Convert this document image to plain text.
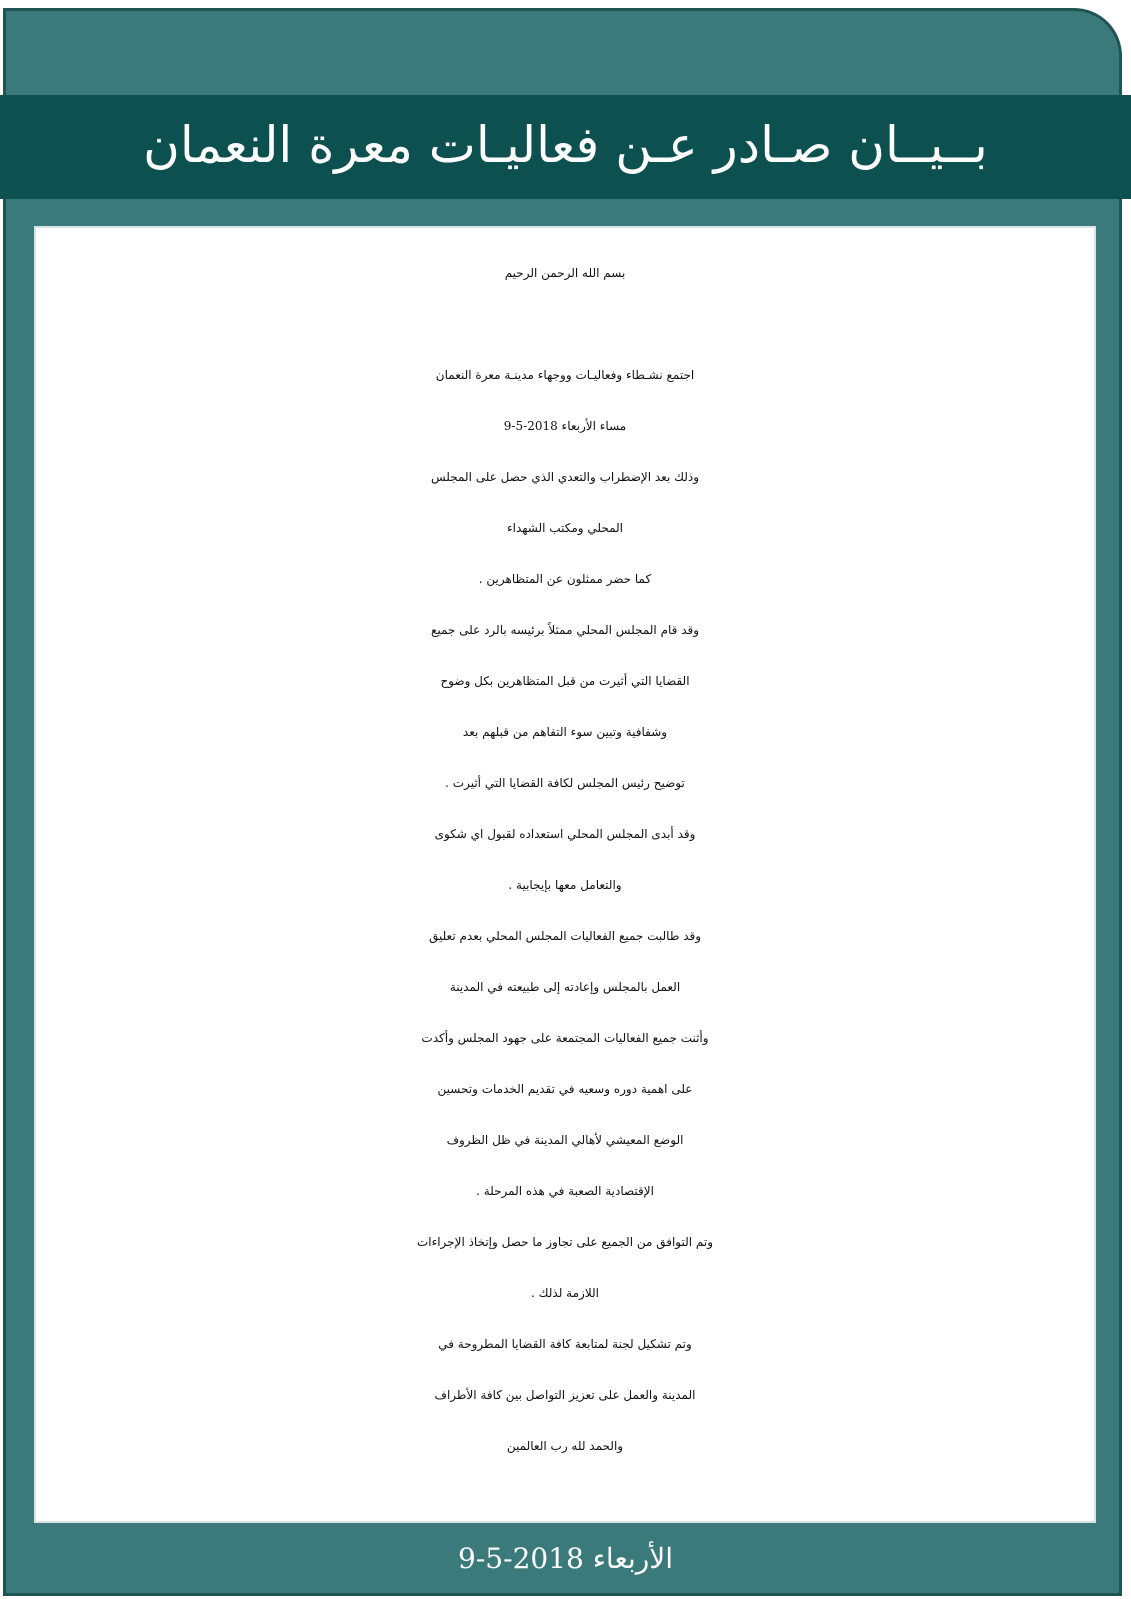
بــيــان صـادر عـن فعاليـات معرة النعمان
بسم الله الرحمن الرحيم
اجتمع نشـطاء وفعاليـات ووجهاء مدينـة معرة النعمان
مساء الأربعاء 2018-5-9
وذلك بعد الإضطراب والتعدي الذي حصل على المجلس
المحلي ومكتب الشهداء
كما حضر ممثلون عن المتظاهرين .
وقد قام المجلس المحلي ممثلاً برئيسه بالرد على جميع
القضايا التي أثيرت من قبل المتظاهرين بكل وضوح
وشفافية وتبين سوء التفاهم من قبلهم بعد
توضيح رئيس المجلس لكافة القضايا التي أثيرت .
وقد أبدى المجلس المحلي استعداده لقبول اي شكوى
والتعامل معها بإيجابية .
وقد طالبت جميع الفعاليات المجلس المحلي بعدم تعليق
العمل بالمجلس وإعادته إلى طبيعته في المدينة
وأثنت جميع الفعاليات المجتمعة على جهود المجلس وأكدت
على اهمية دوره وسعيه في تقديم الخدمات وتحسين
الوضع المعيشي لأهالي المدينة في ظل الظروف
الإقتصادية الصعبة في هذه المرحلة .
وتم التوافق من الجميع على تجاوز ما حصل وإتخاذ الإجراءات
اللازمة لذلك .
وتم تشكيل لجنة لمتابعة كافة القضايا المطروحة في
المدينة والعمل على تعزيز التواصل بين كافة الأطراف
والحمد لله رب العالمين
الأربعاء 2018-5-9
